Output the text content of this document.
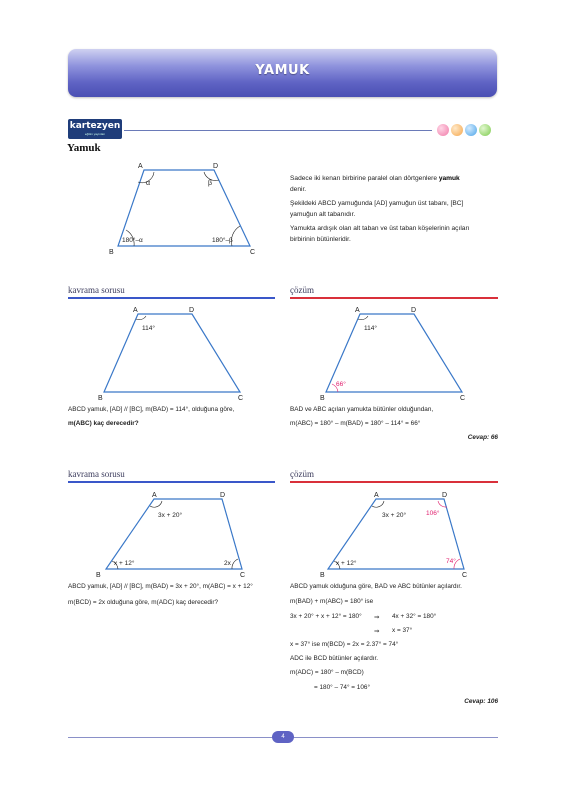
YAMUK
kartezyen
eğitim yayınları
Yamuk
A	D
B	C
α	β
180°–α	180°–β
Sadece iki kenarı birbirine paralel olan dörtgenlere yamuk
denir.
Şekildeki ABCD yamuğunda [AD] yamuğun üst tabanı, [BC]
yamuğun alt tabanıdır.
Yamukta ardışık olan alt taban ve üst taban köşelerinin açıları
birbirinin bütünleridir.
kavrama sorusu	çözüm
A	D
B	C
114°
A	D
B	C
114°
66°
ABCD yamuk, [AD] // [BC], m(BAD) = 114°, olduğuna göre,
m(ABC) kaç derecedir?
BAD ve ABC açıları yamukta bütünler olduğundan,
m(ABC) = 180° – m(BAD) = 180° – 114° = 66°
Cevap: 66
kavrama sorusu	çözüm
A	D
B	C
3x + 20°
x + 12°	2x
A	D
B	C
3x + 20°	106°
x + 12°	74°
ABCD yamuk, [AD] // [BC], m(BAD) = 3x + 20°, m(ABC) = x + 12°
m(BCD) = 2x olduğuna göre, m(ADC) kaç derecedir?
ABCD yamuk olduğuna göre, BAD ve ABC bütünler açılardır.
m(BAD) + m(ABC) = 180° ise
3x + 20° + x + 12° = 180° ⇒ 4x + 32° = 180°
⇒ x = 37°
x = 37° ise m(BCD) = 2x = 2.37° = 74°
ADC ile BCD bütünler açılardır.
m(ADC) = 180° – m(BCD)
= 180° – 74° = 106°
Cevap: 106
4
